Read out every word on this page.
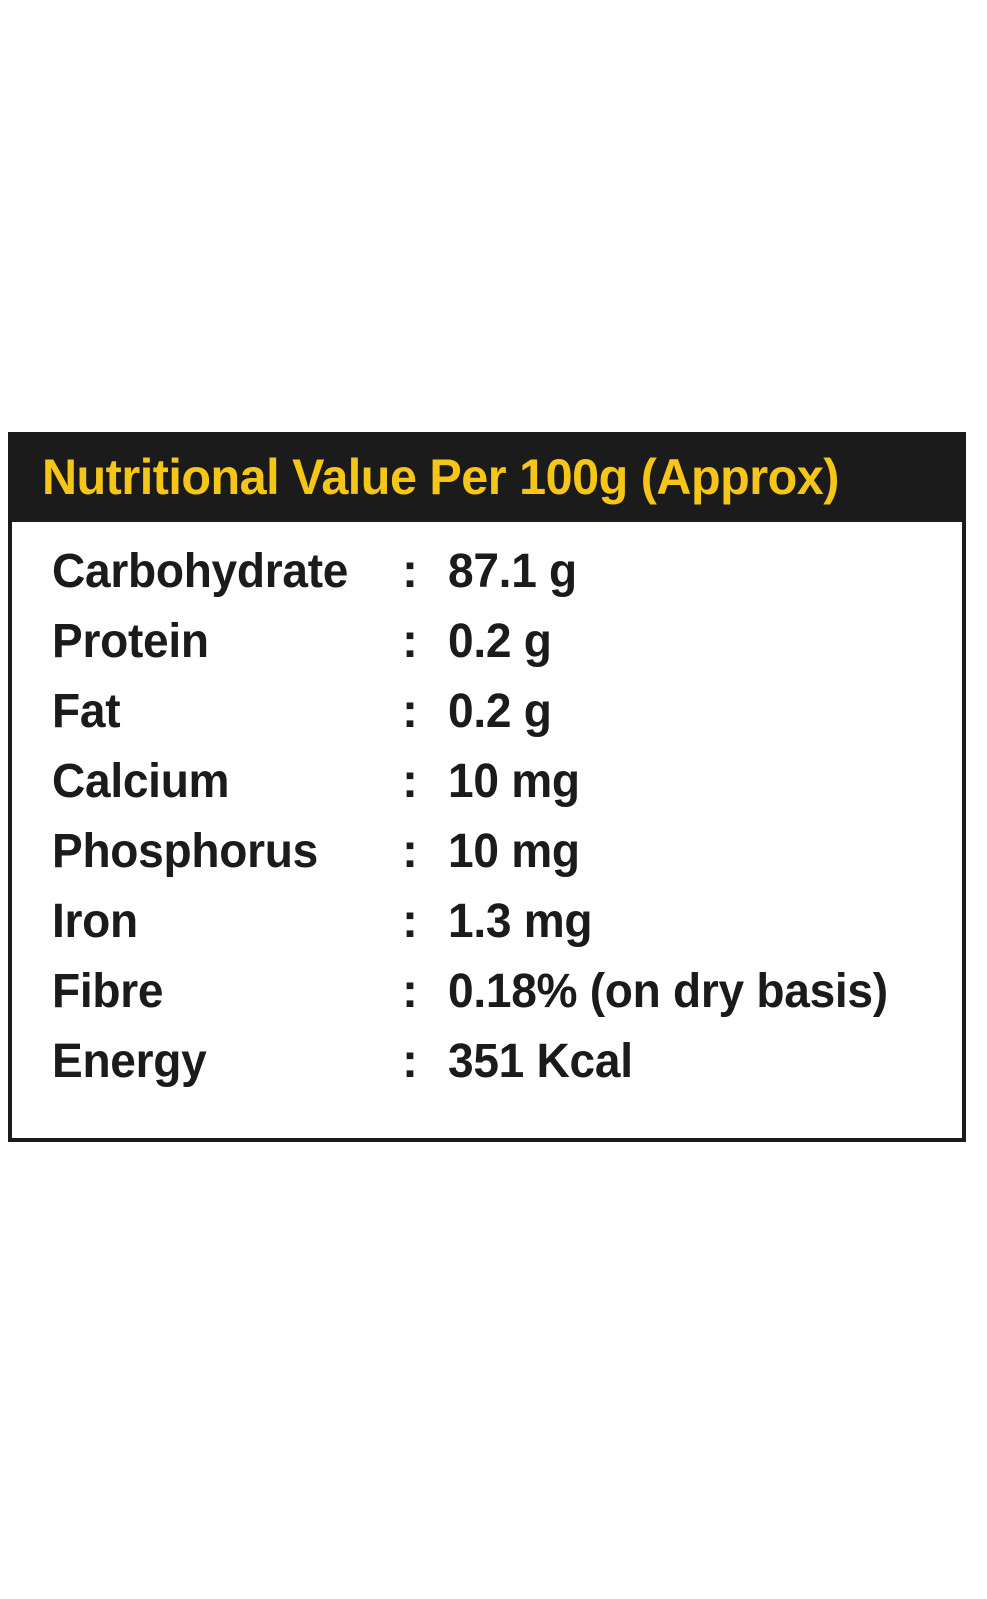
Nutritional Value Per 100g (Approx)
Carbohydrate	: 87.1 g
Protein	: 0.2 g
Fat	: 0.2 g
Calcium	: 10 mg
Phosphorus	: 10 mg
Iron	: 1.3 mg
Fibre	: 0.18% (on dry basis)
Energy	: 351 Kcal
